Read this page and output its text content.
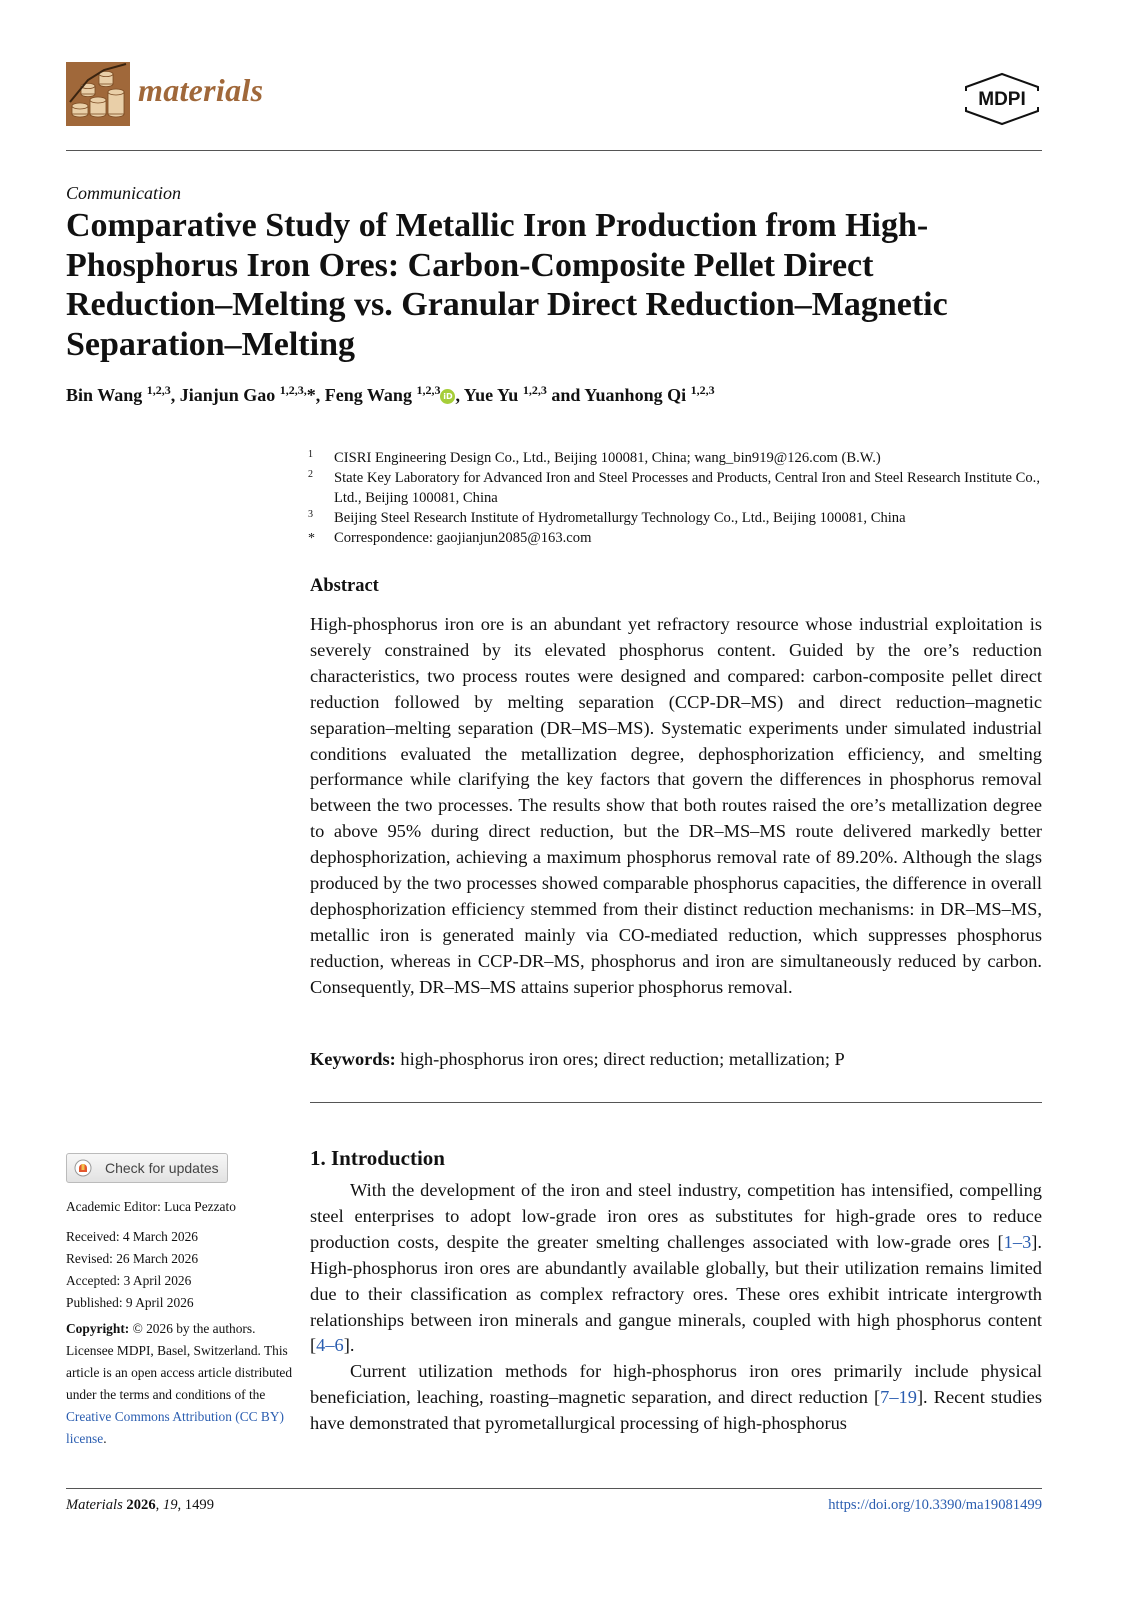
materials	MDPI
Communication
Comparative Study of Metallic Iron Production from High-Phosphorus Iron Ores: Carbon-Composite Pellet Direct Reduction–Melting vs. Granular Direct Reduction–Magnetic Separation–Melting
Bin Wang $^{1,2,3}$, Jianjun Gao $^{1,2,3,}$*, Feng Wang $^{1,2,3}$ iD , Yue Yu $^{1,2,3}$ and Yuanhong Qi $^{1,2,3}$
1 CISRI Engineering Design Co., Ltd., Beijing 100081, China; wang_bin919@126.com (B.W.)
2 State Key Laboratory for Advanced Iron and Steel Processes and Products, Central Iron and Steel Research Institute Co., Ltd., Beijing 100081, China
3 Beijing Steel Research Institute of Hydrometallurgy Technology Co., Ltd., Beijing 100081, China
* Correspondence: gaojianjun2085@163.com
Abstract

High-phosphorus iron ore is an abundant yet refractory resource whose industrial exploitation is severely constrained by its elevated phosphorus content. Guided by the ore’s reduction characteristics, two process routes were designed and compared: carbon-composite pellet direct reduction followed by melting separation (CCP-DR–MS) and direct reduction–magnetic separation–melting separation (DR–MS–MS). Systematic experiments under simulated industrial conditions evaluated the metallization degree, dephosphorization efficiency, and smelting performance while clarifying the key factors that govern the differences in phosphorus removal between the two processes. The results show that both routes raised the ore’s metallization degree to above 95% during direct reduction, but the DR–MS–MS route delivered markedly better dephosphorization, achieving a maximum phosphorus removal rate of 89.20%. Although the slags produced by the two processes showed comparable phosphorus capacities, the difference in overall dephosphorization efficiency stemmed from their distinct reduction mechanisms: in DR–MS–MS, metallic iron is generated mainly via CO-mediated reduction, which suppresses phosphorus reduction, whereas in CCP-DR–MS, phosphorus and iron are simultaneously reduced by carbon. Consequently, DR–MS–MS attains superior phosphorus removal.

Keywords: high-phosphorus iron ores; direct reduction; metallization; P
Check for updates
Academic Editor: Luca Pezzato
Received: 4 March 2026
Revised: 26 March 2026
Accepted: 3 April 2026
Published: 9 April 2026
Copyright: © 2026 by the authors. Licensee MDPI, Basel, Switzerland. This article is an open access article distributed under the terms and conditions of the Creative Commons Attribution (CC BY) license.
1. Introduction

With the development of the iron and steel industry, competition has intensified, compelling steel enterprises to adopt low-grade iron ores as substitutes for high-grade ores to reduce production costs, despite the greater smelting challenges associated with low-grade ores [1–3]. High-phosphorus iron ores are abundantly available globally, but their utilization remains limited due to their classification as complex refractory ores. These ores exhibit intricate intergrowth relationships between iron minerals and gangue minerals, coupled with high phosphorus content [4–6].

Current utilization methods for high-phosphorus iron ores primarily include physical beneficiation, leaching, roasting–magnetic separation, and direct reduction [7–19]. Recent studies have demonstrated that pyrometallurgical processing of high-phosphorus

Materials 2026, 19, 1499	https://doi.org/10.3390/ma19081499
